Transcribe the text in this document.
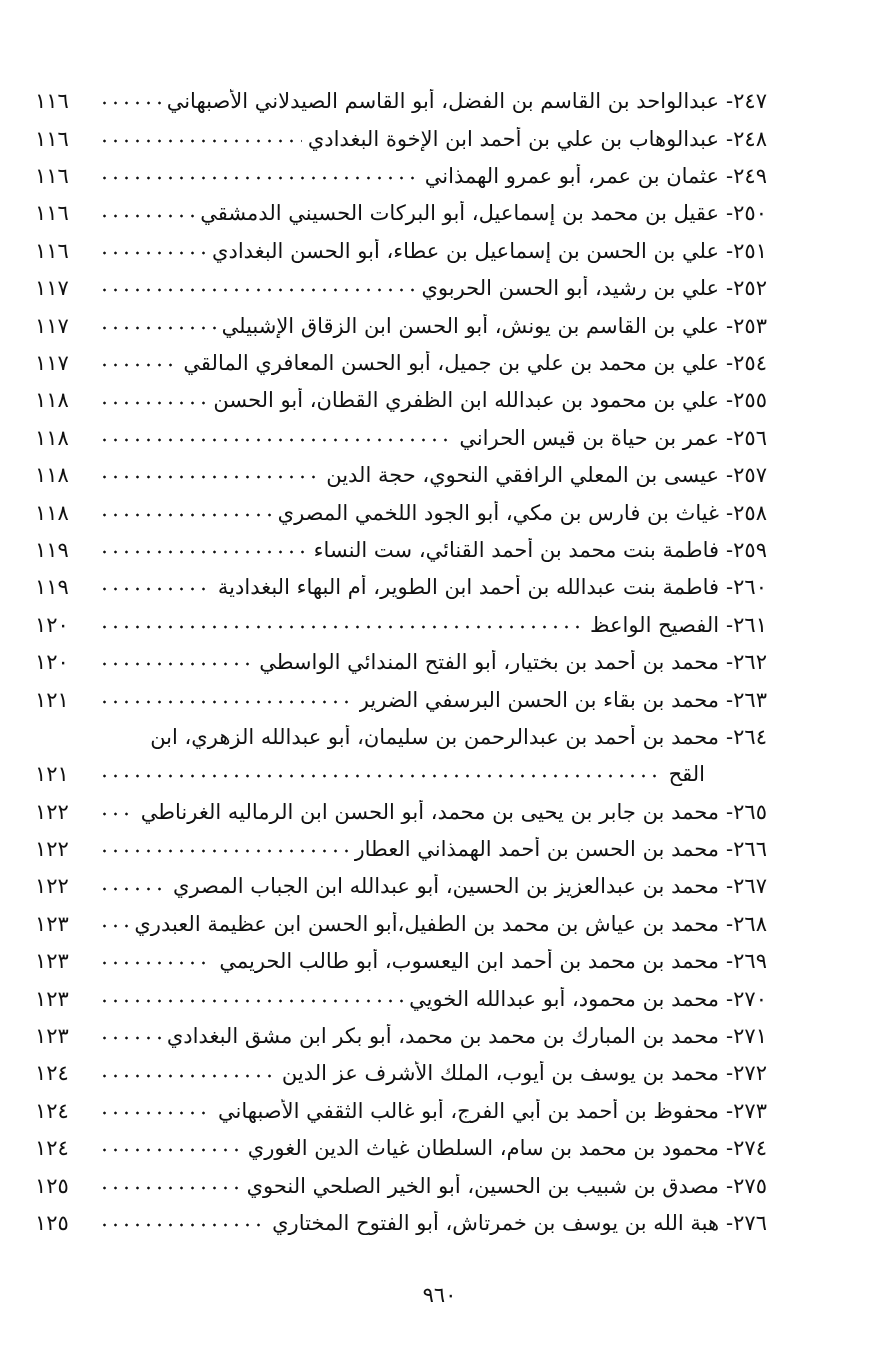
٢٤٧
-
عبدالواحد بن القاسم بن الفضل، أبو القاسم الصيدلاني الأصبهاني
١١٦
٢٤٨
-
عبدالوهاب بن علي بن أحمد ابن الإخوة البغدادي
١١٦
٢٤٩
-
عثمان بن عمر، أبو عمرو الهمذاني
١١٦
٢٥٠
-
عقيل بن محمد بن إسماعيل، أبو البركات الحسيني الدمشقي
١١٦
٢٥١
-
علي بن الحسن بن إسماعيل بن عطاء، أبو الحسن البغدادي
١١٦
٢٥٢
-
علي بن رشيد، أبو الحسن الحربوي
١١٧
٢٥٣
-
علي بن القاسم بن يونش، أبو الحسن ابن الزقاق الإشبيلي
١١٧
٢٥٤
-
علي بن محمد بن علي بن جميل، أبو الحسن المعافري المالقي
١١٧
٢٥٥
-
علي بن محمود بن عبدالله ابن الظفري القطان، أبو الحسن
١١٨
٢٥٦
-
عمر بن حياة بن قيس الحراني
١١٨
٢٥٧
-
عيسى بن المعلي الرافقي النحوي، حجة الدين
١١٨
٢٥٨
-
غياث بن فارس بن مكي، أبو الجود اللخمي المصري
١١٨
٢٥٩
-
فاطمة بنت محمد بن أحمد القنائي، ست النساء
١١٩
٢٦٠
-
فاطمة بنت عبدالله بن أحمد ابن الطوير، أم البهاء البغدادية
١١٩
٢٦١
-
الفصيح الواعظ
١٢٠
٢٦٢
-
محمد بن أحمد بن بختيار، أبو الفتح المندائي الواسطي
١٢٠
٢٦٣
-
محمد بن بقاء بن الحسن البرسفي الضرير
١٢١
٢٦٤
-
محمد بن أحمد بن عبدالرحمن بن سليمان، أبو عبدالله الزهري، ابن
القح
١٢١
٢٦٥
-
محمد بن جابر بن يحيى بن محمد، أبو الحسن ابن الرماليه الغرناطي
١٢٢
٢٦٦
-
محمد بن الحسن بن أحمد الهمذاني العطار
١٢٢
٢٦٧
-
محمد بن عبدالعزيز بن الحسين، أبو عبدالله ابن الجباب المصري
١٢٢
٢٦٨
-
محمد بن عياش بن محمد بن الطفيل،أبو الحسن ابن عظيمة العبدري
١٢٣
٢٦٩
-
محمد بن محمد بن أحمد ابن اليعسوب، أبو طالب الحريمي
١٢٣
٢٧٠
-
محمد بن محمود، أبو عبدالله الخويي
١٢٣
٢٧١
-
محمد بن المبارك بن محمد بن محمد، أبو بكر ابن مشق البغدادي
١٢٣
٢٧٢
-
محمد بن يوسف بن أيوب، الملك الأشرف عز الدين
١٢٤
٢٧٣
-
محفوظ بن أحمد بن أبي الفرج، أبو غالب الثقفي الأصبهاني
١٢٤
٢٧٤
-
محمود بن محمد بن سام، السلطان غياث الدين الغوري
١٢٤
٢٧٥
-
مصدق بن شبيب بن الحسين، أبو الخير الصلحي النحوي
١٢٥
٢٧٦
-
هبة الله بن يوسف بن خمرتاش، أبو الفتوح المختاري
١٢٥
٩٦٠
